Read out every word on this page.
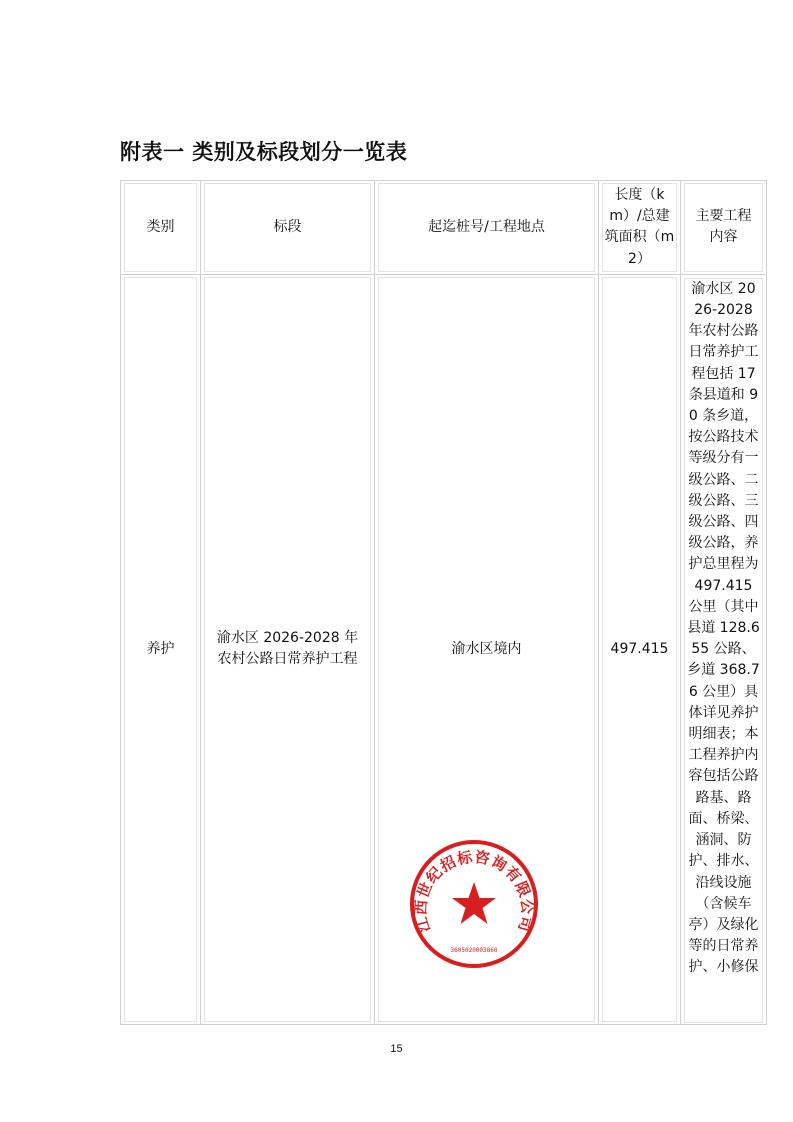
附表一 类别及标段划分一览表
类别	标段	起迄桩号/工程地点	长度（km）/总建筑面积（m2）	主要工程内容

养护	渝水区 2026-2028 年农村公路日常养护工程	渝水区境内	497.415	渝水区 2026-2028 年农村公路日常养护工程包括 17 条县道和 90 条乡道，按公路技术等级分有一级公路、二级公路、三级公路、四级公路，养护总里程为 497.415 公里（其中县道 128.655 公路、乡道 368.76 公里）具体详见养护明细表；本工程养护内容包括公路路基、路面、桥梁、涵洞、防护、排水、沿线设施（含候车亭）及绿化等的日常养护、小修保
江西世纪招标咨询有限公司
3605020003860
15
